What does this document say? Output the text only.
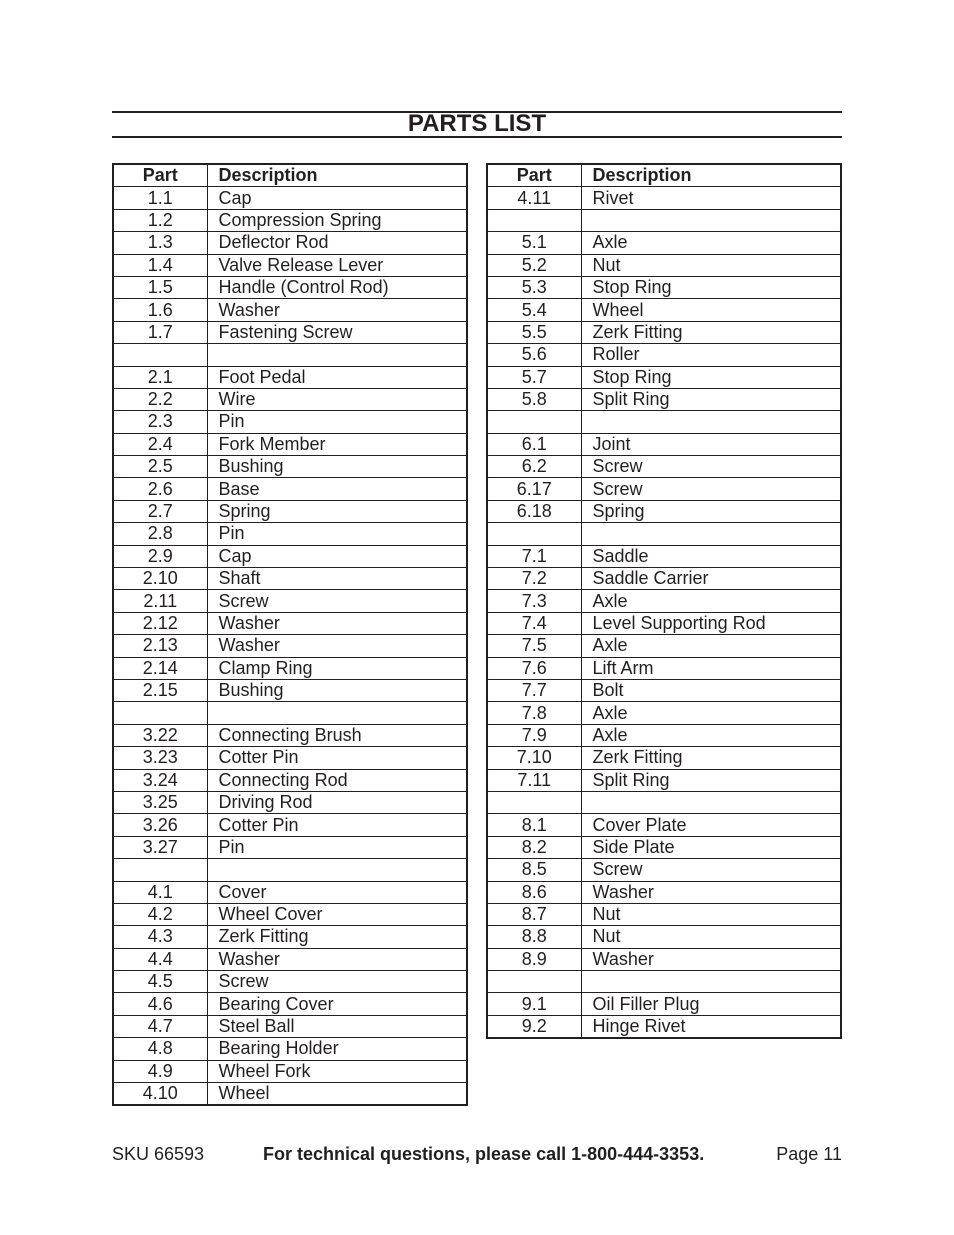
PARTS LIST
Part	Description
1.1	Cap
1.2	Compression Spring
1.3	Deflector Rod
1.4	Valve Release Lever
1.5	Handle (Control Rod)
1.6	Washer
1.7	Fastening Screw

2.1	Foot Pedal
2.2	Wire
2.3	Pin
2.4	Fork Member
2.5	Bushing
2.6	Base
2.7	Spring
2.8	Pin
2.9	Cap
2.10	Shaft
2.11	Screw
2.12	Washer
2.13	Washer
2.14	Clamp Ring
2.15	Bushing

3.22	Connecting Brush
3.23	Cotter Pin
3.24	Connecting Rod
3.25	Driving Rod
3.26	Cotter Pin
3.27	Pin

4.1	Cover
4.2	Wheel Cover
4.3	Zerk Fitting
4.4	Washer
4.5	Screw
4.6	Bearing Cover
4.7	Steel Ball
4.8	Bearing Holder
4.9	Wheel Fork
4.10	Wheel
Part	Description
4.11	Rivet

5.1	Axle
5.2	Nut
5.3	Stop Ring
5.4	Wheel
5.5	Zerk Fitting
5.6	Roller
5.7	Stop Ring
5.8	Split Ring

6.1	Joint
6.2	Screw
6.17	Screw
6.18	Spring

7.1	Saddle
7.2	Saddle Carrier
7.3	Axle
7.4	Level Supporting Rod
7.5	Axle
7.6	Lift Arm
7.7	Bolt
7.8	Axle
7.9	Axle
7.10	Zerk Fitting
7.11	Split Ring

8.1	Cover Plate
8.2	Side Plate
8.5	Screw
8.6	Washer
8.7	Nut
8.8	Nut
8.9	Washer

9.1	Oil Filler Plug
9.2	Hinge Rivet
SKU 66593	For technical questions, please call 1-800-444-3353.	Page 11
